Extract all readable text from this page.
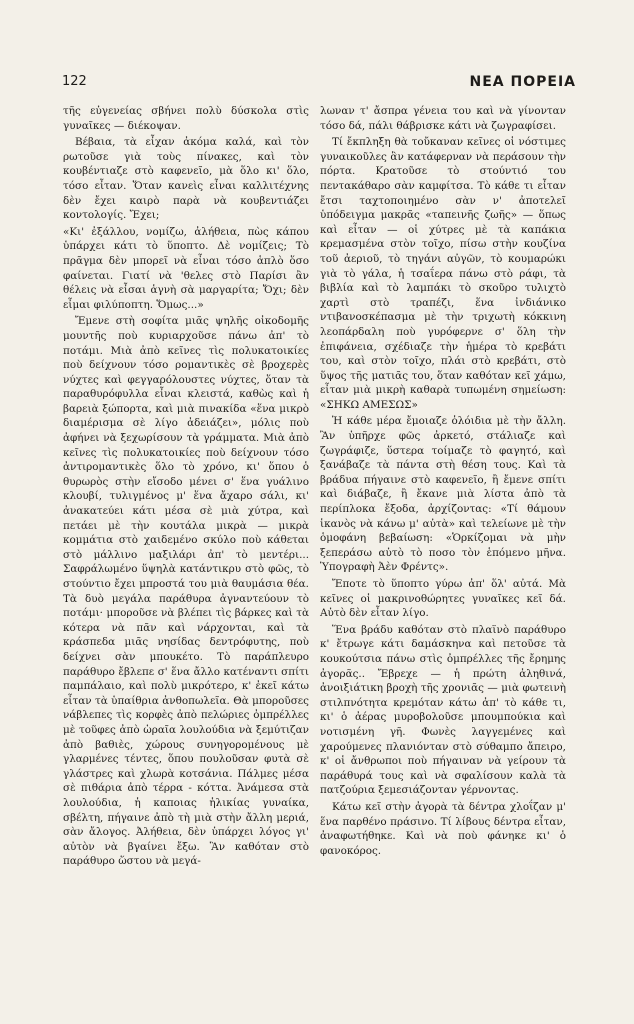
122	ΝΕΑ ΠΟΡΕΙΑ

τῆς εὐγενείας σβήνει πολὺ δύσκολα στὶς γυναῖκες — διέκοψαν.

Βέβαια, τὰ εἶχαν ἀκόμα καλά, καὶ τὸν ρωτοῦσε γιὰ τοὺς πίνακες, καὶ τὸν κουβέντιαζε στὸ καφενεῖο, μὰ ὅλο κι' ὅλο, τόσο εἶταν. Ὅταν κανεὶς εἶναι καλλιτέχνης δὲν ἔχει καιρὸ παρὰ νὰ κουβεντιάζει κοντολογίς. Ἔχει;

«Κι' ἐξάλλου, νομίζω, ἀλήθεια, πὼς κάπου ὑπάρχει κάτι τὸ ὕποπτο. Δὲ νομίζεις; Τὸ πρᾶγμα δὲν μπορεῖ νὰ εἶναι τόσο ἁπλὸ ὅσο φαίνεται. Γιατί νὰ 'θελες στὸ Παρίσι ἂν θέλεις νὰ εἶσαι ἁγνὴ σὰ μαργαρίτα; Ὄχι; δὲν εἶμαι φιλύποπτη. Ὅμως...»

Ἔμενε στὴ σοφίτα μιᾶς ψηλῆς οἰκοδομῆς μουντῆς ποὺ κυριαρχοῦσε πάνω ἀπ' τὸ ποτάμι. Μιὰ ἀπὸ κεῖνες τὶς πολυκατοικίες ποὺ δείχνουν τόσο ρομαντικὲς σὲ βροχερὲς νύχτες καὶ φεγγαρόλουστες νύχτες, ὅταν τὰ παραθυρόφυλλα εἶναι κλειστά, καθὼς καὶ ἡ βαρειὰ ξώπορτα, καὶ μιὰ πινακίδα «ἕνα μικρὸ διαμέρισμα σὲ λίγο ἀδειάζει», μόλις ποὺ ἀφήνει νὰ ξεχωρίσουν τὰ γράμματα. Μιὰ ἀπὸ κεῖνες τὶς πολυκατοικίες ποὺ δείχνουν τόσο ἀντιρομαντικὲς ὅλο τὸ χρόνο, κι' ὅπου ὁ θυρωρὸς στὴν εἴσοδο μένει σ' ἕνα γυάλινο κλουβί, τυλιγμένος μ' ἕνα ἄχαρο σάλι, κι' ἀνακατεύει κάτι μέσα σὲ μιὰ χύτρα, καὶ πετάει μὲ τὴν κουτάλα μικρὰ — μικρὰ κομμάτια στὸ χαιδεμένο σκύλο ποὺ κάθεται στὸ μάλλινο μαξιλάρι ἀπ' τὸ μεντέρι... Σαφράλωμένο ὕψηλὰ κατάντικρυ στὸ φῶς, τὸ στούντιο ἔχει μπροστά του μιὰ θαυμάσια θέα. Τὰ δυὸ μεγάλα παράθυρα ἀγναντεύουν τὸ ποτάμι· μποροῦσε νὰ βλέπει τὶς βάρκες καὶ τὰ κότερα νὰ πᾶν καὶ νάρχονται, καὶ τὰ κράσπεδα μιᾶς νησίδας δεντρόφυτης, ποὺ δείχνει σὰν μπουκέτο. Τὸ παράπλευρο παράθυρο ἔβλεπε σ' ἕνα ἄλλο κατέναντι σπίτι παμπάλαιο, καὶ πολὺ μικρότερο, κ' ἐκεῖ κάτω εἶταν τὰ ὑπαίθρια ἀνθοπωλεῖα. Θὰ μποροῦσες νάβλεπες τὶς κορφὲς ἀπὸ πελώριες ὀμπρέλλες μὲ τοῦφες ἀπὸ ὡραῖα λουλούδια νὰ ξεμύτιζαν ἀπὸ βαθιὲς, χώρους συνηγορομένους μὲ γλαρμένες τέντες, ὅπου πουλοῦσαν φυτὰ σὲ γλάστρες καὶ χλωρὰ κοτσάνια. Πάλμες μέσα σὲ πιθάρια ἀπὸ τέρρα - κόττα. Ἀνάμεσα στὰ λουλούδια, ἡ καποιας ἡλικίας γυναίκα, σβέλτη, πήγαινε ἀπὸ τὴ μιὰ στὴν ἄλλη μεριά, σὰν ἄλογος. Ἀλήθεια, δὲν ὑπάρχει λόγος γι' αὐτὸν νὰ βγαίνει ἔξω. Ἂν καθόταν στὸ παράθυρο ὥστου νὰ μεγά-

λωναν τ' ἄσπρα γένεια του καὶ νὰ γίνονταν τόσο δά, πάλι θάβρισκε κάτι νὰ ζωγραφίσει.

Τί ἔκπληξη θὰ τοὔκαναν κεῖνες οἱ νόστιμες γυναικοῦλες ἂν κατάφερναν νὰ περάσουν τὴν πόρτα. Κρατοῦσε τὸ στούντιό του πεντακάθαρο σὰν καμφίτσα. Τὸ κάθε τι εἶταν ἔτσι ταχτοποιημένο σὰν ν' ἀποτελεῖ ὑπόδειγμα μακρᾶς «ταπεινῆς ζωῆς» — ὅπως καὶ εἶταν — οἱ χύτρες μὲ τὰ καπάκια κρεμασμένα στὸν τοῖχο, πίσω στὴν κουζίνα τοῦ ἀεριοῦ, τὸ τηγάνι αὐγῶν, τὸ κουμαρώκι γιὰ τὸ γάλα, ἡ τσαΐερα πάνω στὸ ράφι, τὰ βιβλία καὶ τὸ λαμπάκι τὸ σκοῦρο τυλιχτὸ χαρτὶ στὸ τραπέζι, ἕνα ἰνδιάνικο ντιβανοσκέπασμα μὲ τὴν τριχωτὴ κόκκινη λεοπάρδαλη ποὺ γυρόφερνε σ' ὅλη τὴν ἐπιφάνεια, σχέδιαζε τὴν ἡμέρα τὸ κρεβάτι του, καὶ στὸν τοῖχο, πλάι στὸ κρεβάτι, στὸ ὕψος τῆς ματιᾶς του, ὅταν καθόταν κεῖ χάμω, εἶταν μιὰ μικρὴ καθαρὰ τυπωμένη σημείωση: «ΣΗΚΩ ΑΜΕΣΩΣ»

Ἡ κάθε μέρα ἔμοιαζε ὁλόιδια μὲ τὴν ἄλλη. Ἂν ὑπῆρχε φῶς ἀρκετό, στάλιαζε καὶ ζωγράφιζε, ὕστερα τοίμαζε τὸ φαγητό, καὶ ξανάβαζε τὰ πάντα στὴ θέση τους. Καὶ τὰ βράδυα πήγαινε στὸ καφενεῖο, ἢ ἔμενε σπίτι καὶ διάβαζε, ἢ ἔκανε μιὰ λίστα ἀπὸ τὰ περίπλοκα ἔξοδα, ἀρχίζοντας: «Τί θάμουν ἱκανὸς νὰ κάνω μ' αὐτὰ» καὶ τελείωνε μὲ τὴν ὁμοφάνη βεβαίωση: «Ὁρκίζομαι νὰ μὴν ξεπεράσω αὐτὸ τὸ ποσο τὸν ἑπόμενο μῆνα. Ὑπογραφὴ Ἀὲν Φρέντς».

Ἔποτε τὸ ὕποπτο γύρω ἀπ' ὅλ' αὐτά. Μὰ κεῖνες οἱ μακρινοθώρητες γυναῖκες κεῖ δά. Αὐτὸ δὲν εἶταν λίγο.

Ἕνα βράδυ καθόταν στὸ πλαϊνὸ παράθυρο κ' ἔτρωγε κάτι δαμάσκηνα καὶ πετοῦσε τὰ κουκούτσια πάνω στὶς ὀμπρέλλες τῆς ἔρημης ἀγορᾶς.. Ἔβρεχε — ἡ πρώτη ἀληθινά, ἀνοιξιάτικη βροχὴ τῆς χρονιᾶς — μιὰ φωτεινὴ στιλπνότητα κρεμόταν κάτω ἀπ' τὸ κάθε τι, κι' ὁ ἀέρας μυροβολοῦσε μπουμπούκια καὶ νοτισμένη γῆ. Φωνὲς λαγγεμένες καὶ χαρούμενες πλανιόνταν στὸ σύθαμπο ἄπειρο, κ' οἱ ἄνθρωποι ποὺ πήγαιναν νὰ γείρουν τὰ παράθυρά τους καὶ νὰ σφαλίσουν καλὰ τὰ πατζούρια ξεμεσιάζονταν γέρνοντας.

Κάτω κεῖ στὴν ἀγορὰ τὰ δέντρα χλοΐζαν μ' ἕνα παρθένο πράσινο. Τί λίβους δέντρα εἶταν, ἀναφωτήθηκε. Καὶ νὰ ποὺ φάνηκε κι' ὁ φανοκόρος.
